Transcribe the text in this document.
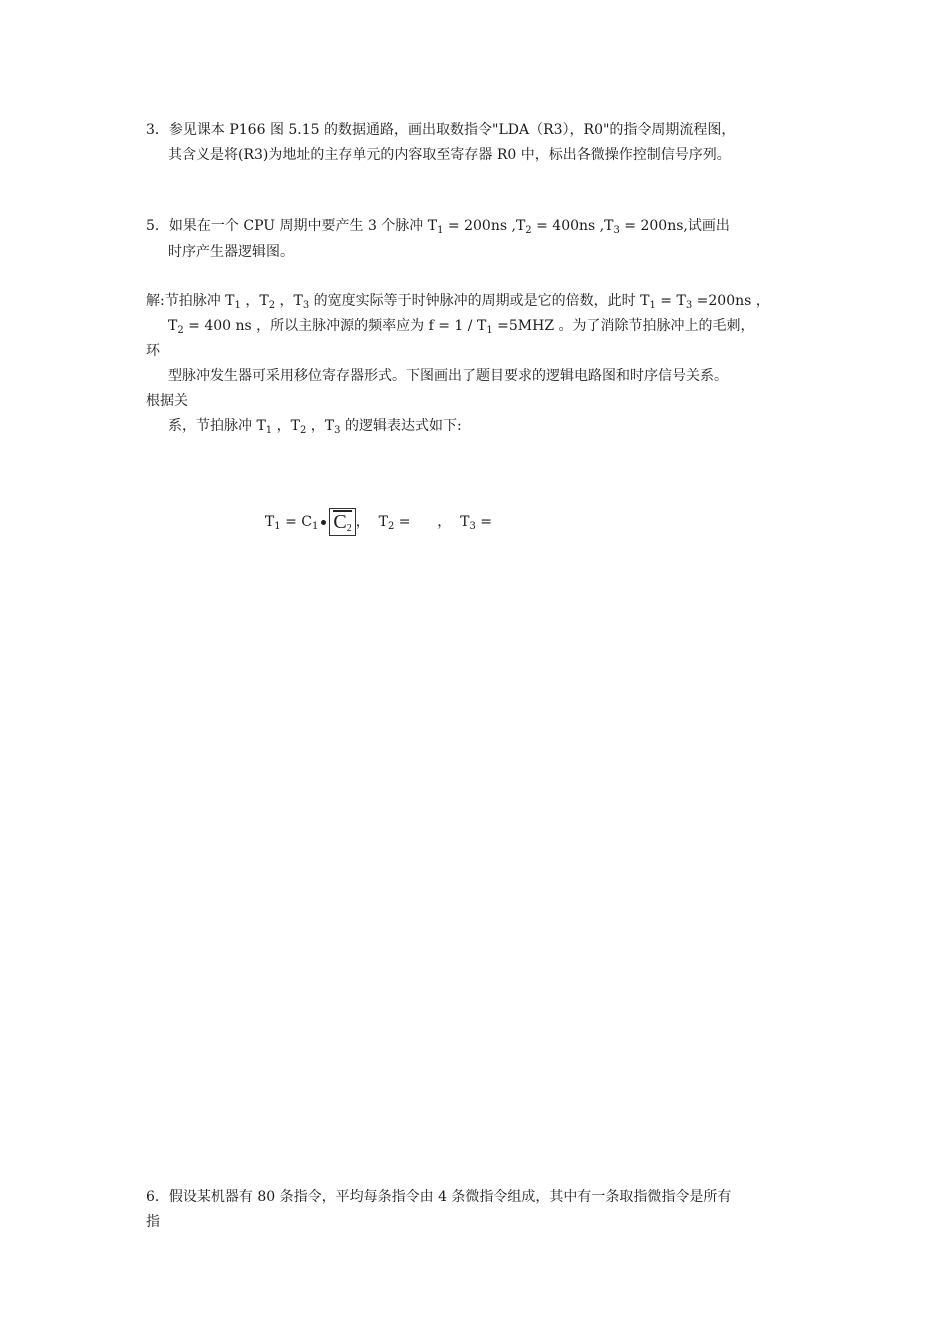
3．参见课本 P166 图 5.15 的数据通路，画出取数指令"LDA（R3），R0"的指令周期流程图，
其含义是将(R3)为地址的主存单元的内容取至寄存器 R0 中，标出各微操作控制信号序列。
5．如果在一个 CPU 周期中要产生 3 个脉冲 $T_1 = 200ns$ $,T_2 = 400ns$ $,T_3 = 200ns$,试画出
时序产生器逻辑图。
解:节拍脉冲 $T_1$ ，$T_2$ ，$T_3$ 的宽度实际等于时钟脉冲的周期或是它的倍数，此时 $T_1 = T_3 =200ns$ ，
$T_2 = 400$ ns ，所以主脉冲源的频率应为 $f = 1 / T_1 =5MHZ$ 。为了消除节拍脉冲上的毛刺，
环
型脉冲发生器可采用移位寄存器形式。下图画出了题目要求的逻辑电路图和时序信号关系。
根据关
系，节拍脉冲 $T_1$ ，$T_2$ ，$T_3$ 的逻辑表达式如下:

$T_1 = C_1$ $C_2$ ，  $T_2$ =      ，  $T_3$ =

6．假设某机器有 80 条指令，平均每条指令由 4 条微指令组成，其中有一条取指微指令是所有
指
